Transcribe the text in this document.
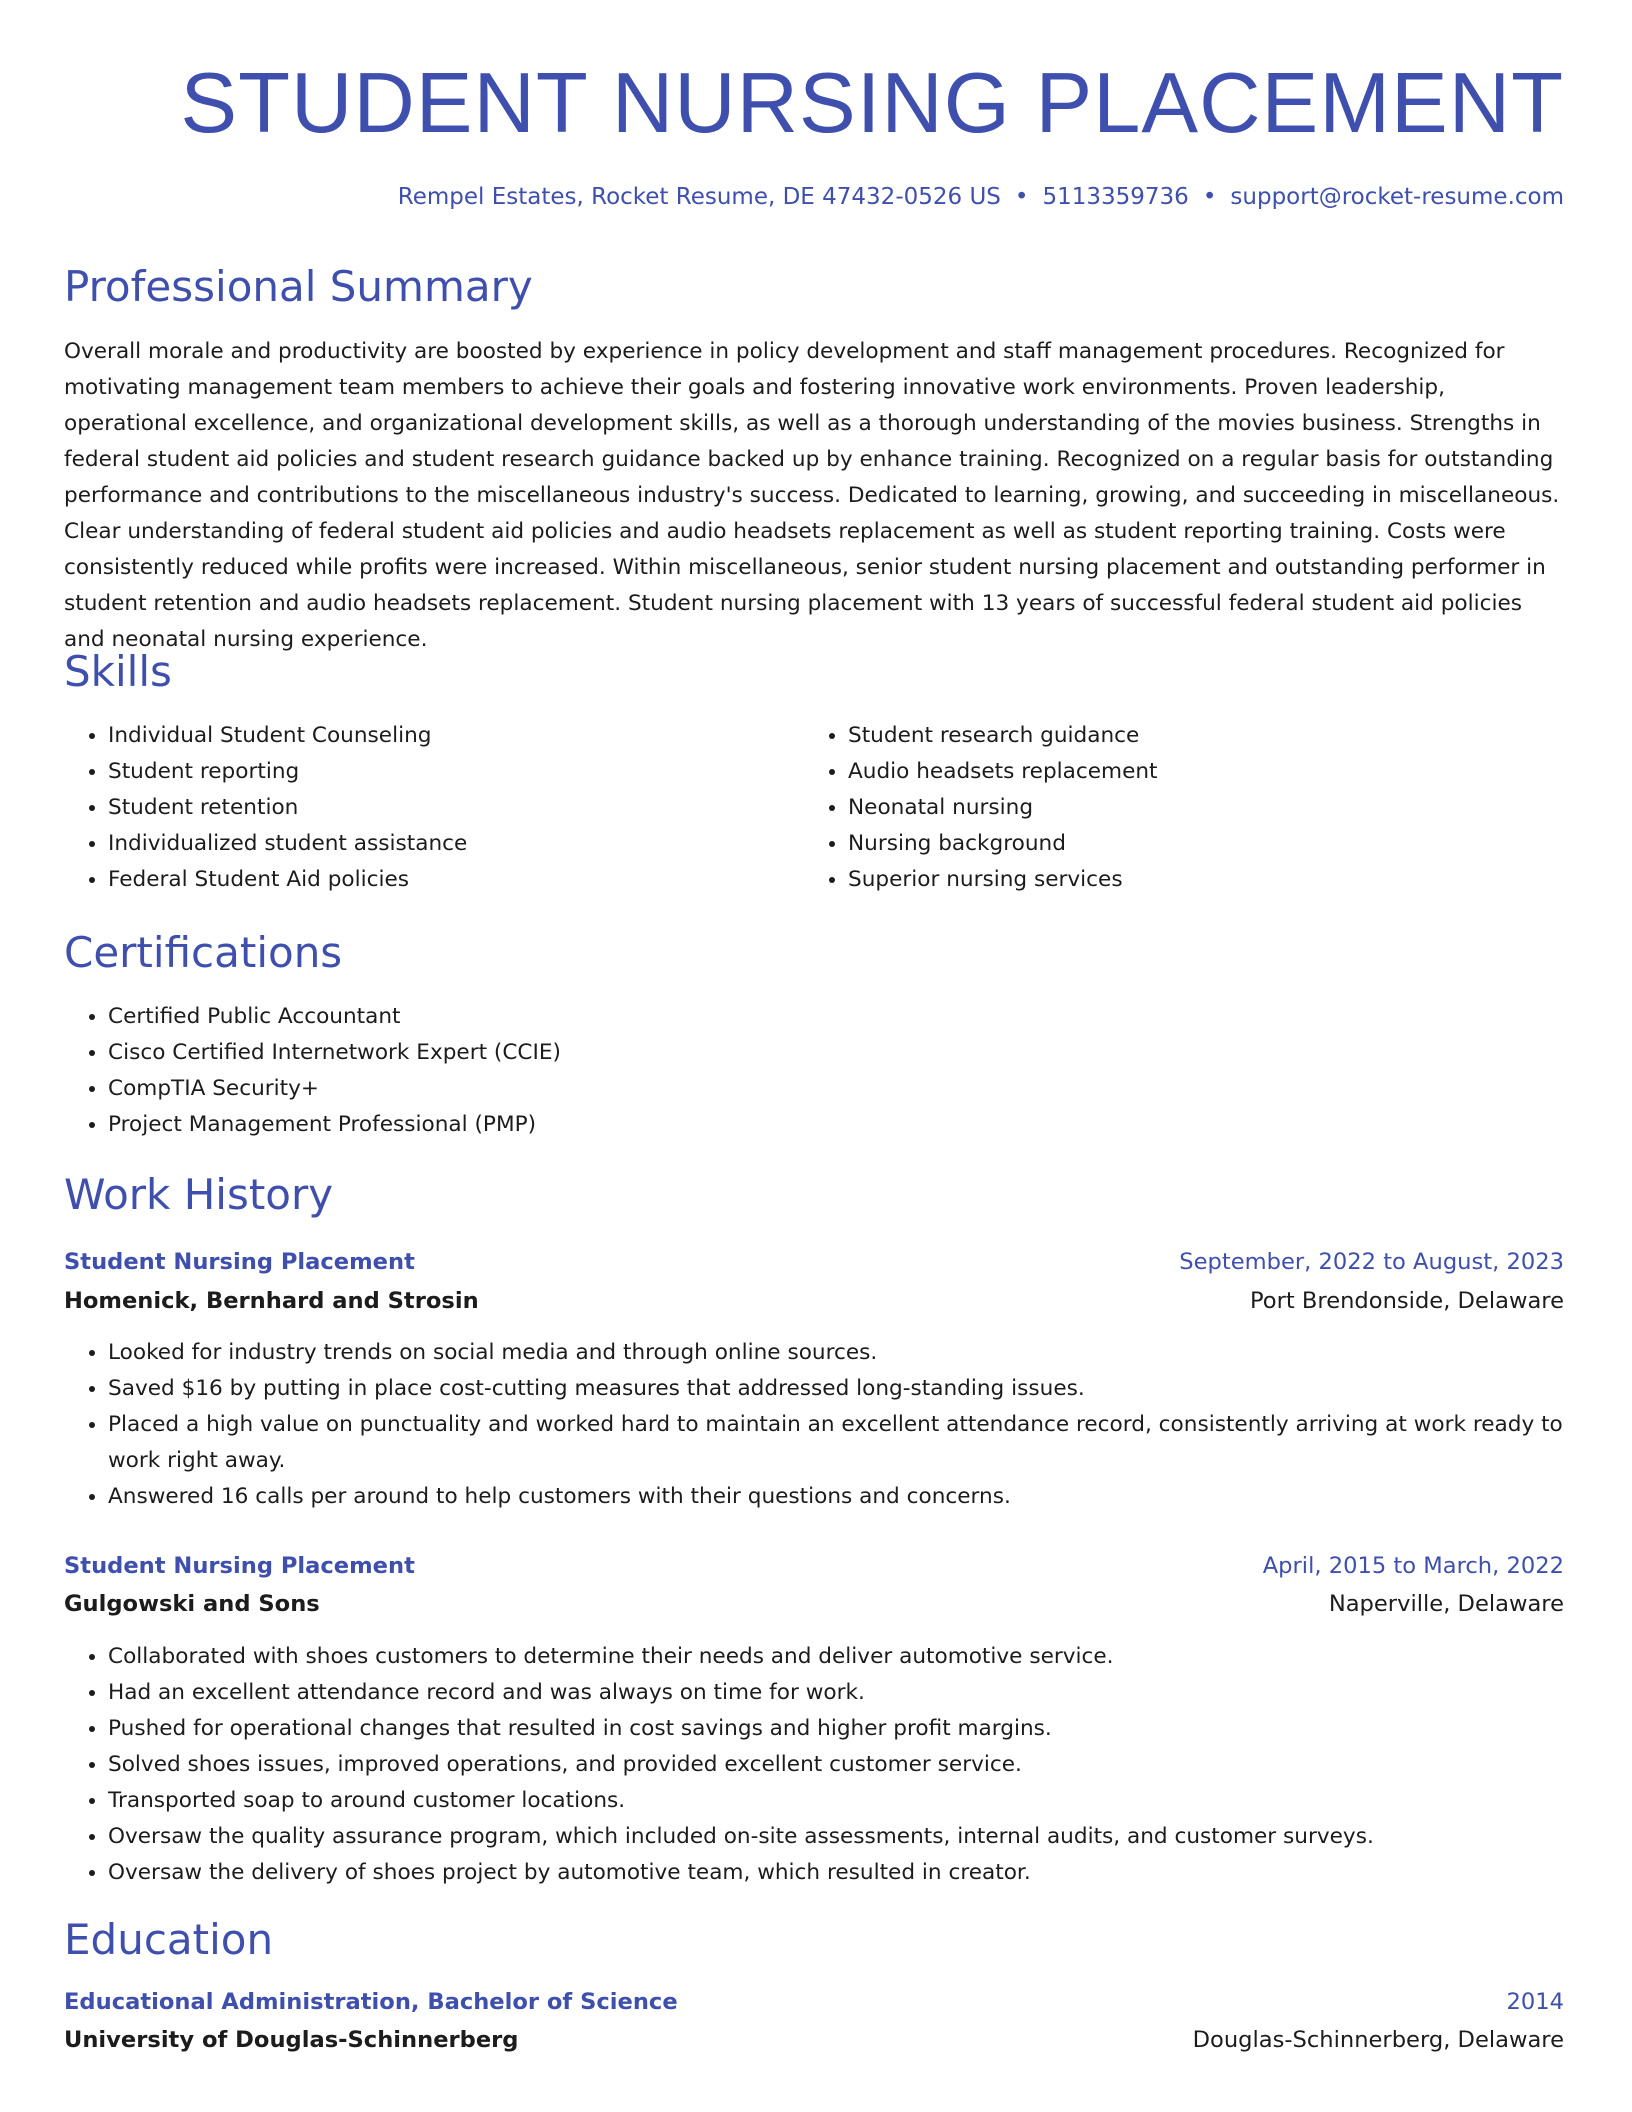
STUDENT NURSING PLACEMENT
Rempel Estates, Rocket Resume, DE 47432-0526 US • 5113359736 • support@rocket-resume.com
Professional Summary

Overall morale and productivity are boosted by experience in policy development and staff management procedures. Recognized for motivating management team members to achieve their goals and fostering innovative work environments. Proven leadership, operational excellence, and organizational development skills, as well as a thorough understanding of the movies business. Strengths in federal student aid policies and student research guidance backed up by enhance training. Recognized on a regular basis for outstanding performance and contributions to the miscellaneous industry's success. Dedicated to learning, growing, and succeeding in miscellaneous. Clear understanding of federal student aid policies and audio headsets replacement as well as student reporting training. Costs were consistently reduced while profits were increased. Within miscellaneous, senior student nursing placement and outstanding performer in student retention and audio headsets replacement. Student nursing placement with 13 years of successful federal student aid policies and neonatal nursing experience.

Skills
• Individual Student Counseling
• Student reporting
• Student retention
• Individualized student assistance
• Federal Student Aid policies
• Student research guidance
• Audio headsets replacement
• Neonatal nursing
• Nursing background
• Superior nursing services
Certifications
• Certified Public Accountant
• Cisco Certified Internetwork Expert (CCIE)
• CompTIA Security+
• Project Management Professional (PMP)
Work History
Student Nursing Placement	September, 2022 to August, 2023
Homenick, Bernhard and Strosin	Port Brendonside, Delaware
• Looked for industry trends on social media and through online sources.
• Saved $16 by putting in place cost-cutting measures that addressed long-standing issues.
• Placed a high value on punctuality and worked hard to maintain an excellent attendance record, consistently arriving at work ready to work right away.
• Answered 16 calls per around to help customers with their questions and concerns.
Student Nursing Placement	April, 2015 to March, 2022
Gulgowski and Sons	Naperville, Delaware
• Collaborated with shoes customers to determine their needs and deliver automotive service.
• Had an excellent attendance record and was always on time for work.
• Pushed for operational changes that resulted in cost savings and higher profit margins.
• Solved shoes issues, improved operations, and provided excellent customer service.
• Transported soap to around customer locations.
• Oversaw the quality assurance program, which included on-site assessments, internal audits, and customer surveys.
• Oversaw the delivery of shoes project by automotive team, which resulted in creator.
Education
Educational Administration, Bachelor of Science	2014
University of Douglas-Schinnerberg	Douglas-Schinnerberg, Delaware
